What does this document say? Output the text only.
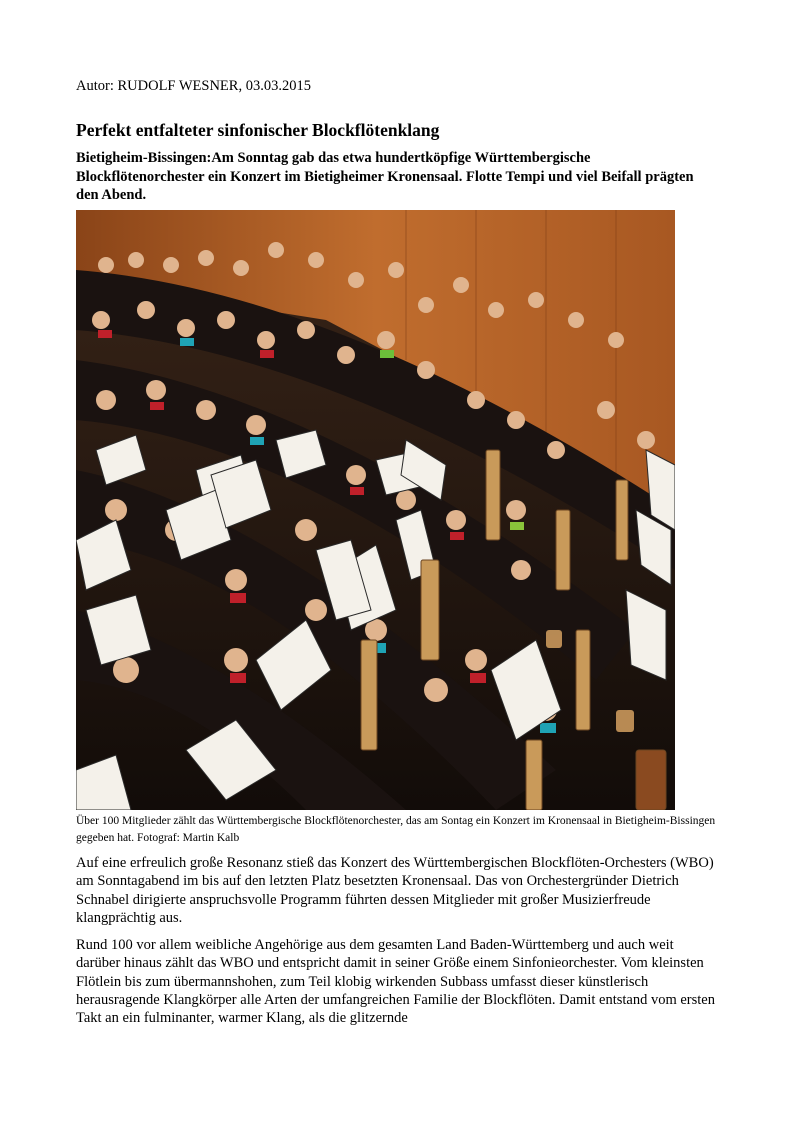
Autor: RUDOLF WESNER, 03.03.2015
Perfekt entfalteter sinfonischer Blockflötenklang

Bietigheim-Bissingen:Am Sonntag gab das etwa hundertköpfige Württembergische Blockflötenorchester ein Konzert im Bietigheimer Kronensaal. Flotte Tempi und viel Beifall prägten den Abend.

Über 100 Mitglieder zählt das Württembergische Blockflötenorchester, das am Sontag ein Konzert im Kronensaal in Bietigheim-Bissingen gegeben hat. Fotograf: Martin Kalb

Auf eine erfreulich große Resonanz stieß das Konzert des Württembergischen Blockflöten-Orchesters (WBO) am Sonntagabend im bis auf den letzten Platz besetzten Kronensaal. Das von Orchestergründer Dietrich Schnabel dirigierte anspruchsvolle Programm führten dessen Mitglieder mit großer Musizierfreude klangprächtig aus.

Rund 100 vor allem weibliche Angehörige aus dem gesamten Land Baden-Württemberg und auch weit darüber hinaus zählt das WBO und entspricht damit in seiner Größe einem Sinfonieorchester. Vom kleinsten Flötlein bis zum übermannshohen, zum Teil klobig wirkenden Subbass umfasst dieser künstlerisch herausragende Klangkörper alle Arten der umfangreichen Familie der Blockflöten. Damit entstand vom ersten Takt an ein fulminanter, warmer Klang, als die glitzernde
